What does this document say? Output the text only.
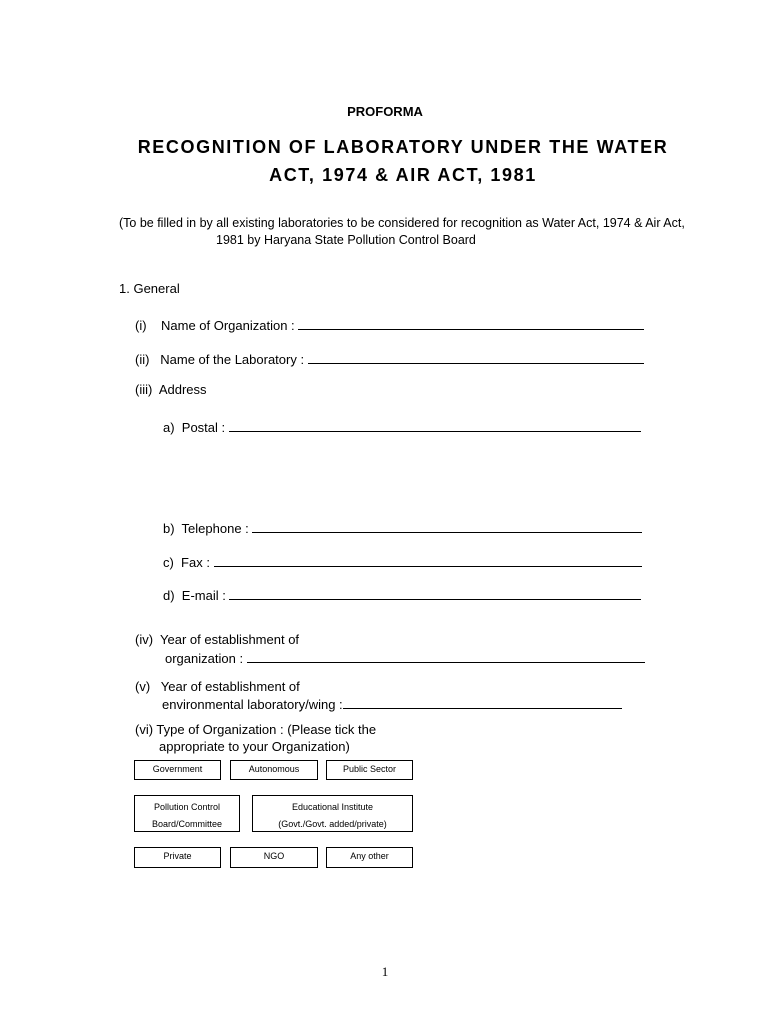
PROFORMA
RECOGNITION OF LABORATORY UNDER THE WATER
ACT, 1974 & AIR ACT, 1981
(To be filled in by all existing laboratories to be considered for recognition as Water Act, 1974 & Air Act,
1981 by Haryana State Pollution Control Board
1. General
(i)    Name of Organization :
(ii)   Name of the Laboratory :
(iii)  Address
a)  Postal :
b)  Telephone :
c)  Fax :
d)  E-mail :
(iv)  Year of establishment of
organization :
(v)   Year of establishment of
environmental laboratory/wing :
(vi) Type of Organization : (Please tick the
appropriate to your Organization)
Government	Autonomous	Public Sector
Pollution Control
Board/Committee
Educational Institute
(Govt./Govt. added/private)
Private	NGO	Any other
1
